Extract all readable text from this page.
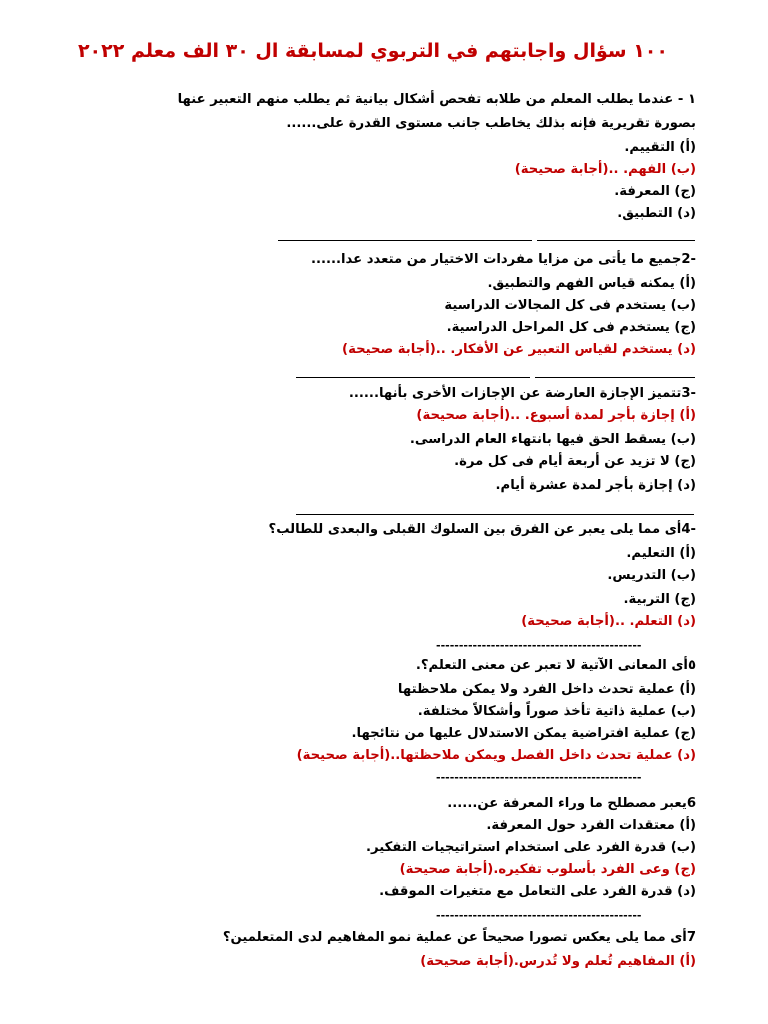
١٠٠ سؤال واجابتهم في التربوي لمسابقة ال ٣٠ الف معلم ٢٠٢٢
١ - عندما يطلب المعلم من طلابه تفحص أشكال بيانية ثم يطلب منهم التعبير عنها
بصورة تقريرية فإنه بذلك يخاطب جانب مستوى القدرة على......
(أ) التقييم.
(ب) الفهم. ..(أجابة صحيحة)
(ج) المعرفة.
(د) التطبيق.
-2جميع ما يأتى من مزايا مفردات الاختيار من متعدد عدا......
(أ) يمكنه قياس الفهم والتطبيق.
(ب) يستخدم فى كل المجالات الدراسية
(ج) يستخدم فى كل المراحل الدراسية.
(د) يستخدم لقياس التعبير عن الأفكار. ..(أجابة صحيحة)
-3تتميز الإجازة العارضة عن الإجازات الأخرى بأنها......
(أ) إجازة بأجر لمدة أسبوع. ..(أجابة صحيحة)
(ب) يسقط الحق فيها بانتهاء العام الدراسى.
(ج) لا تزيد عن أربعة أيام فى كل مرة.
(د) إجازة بأجر لمدة عشرة أيام.
-4أى مما يلى يعبر عن الفرق بين السلوك القبلى والبعدى للطالب؟
(أ) التعليم.
(ب) التدريس.
(ج) التربية.
(د) التعلم. ..(أجابة صحيحة)
---------------------------------------------
٥أى المعانى الآتية لا تعبر عن معنى التعلم؟.
(أ) عملية تحدث داخل الفرد ولا يمكن ملاحظتها
(ب) عملية ذاتية تأخذ صوراً وأشكالاً مختلفة.
(ج) عملية افتراضية يمكن الاستدلال عليها من نتائجها.
(د) عملية تحدث داخل الفصل ويمكن ملاحظتها..(أجابة صحيحة)
---------------------------------------------
6يعبر مصطلح ما وراء المعرفة عن......
(أ) معتقدات الفرد حول المعرفة.
(ب) قدرة الفرد على استخدام استراتيجيات التفكير.
(ج) وعى الفرد بأسلوب تفكيره.(أجابة صحيحة)
(د) قدرة الفرد على التعامل مع متغيرات الموقف.
---------------------------------------------
7أى مما يلى يعكس تصورا صحيحاً عن عملية نمو المفاهيم لدى المتعلمين؟
(أ) المفاهيم تُعلم ولا تُدرس.(أجابة صحيحة)
